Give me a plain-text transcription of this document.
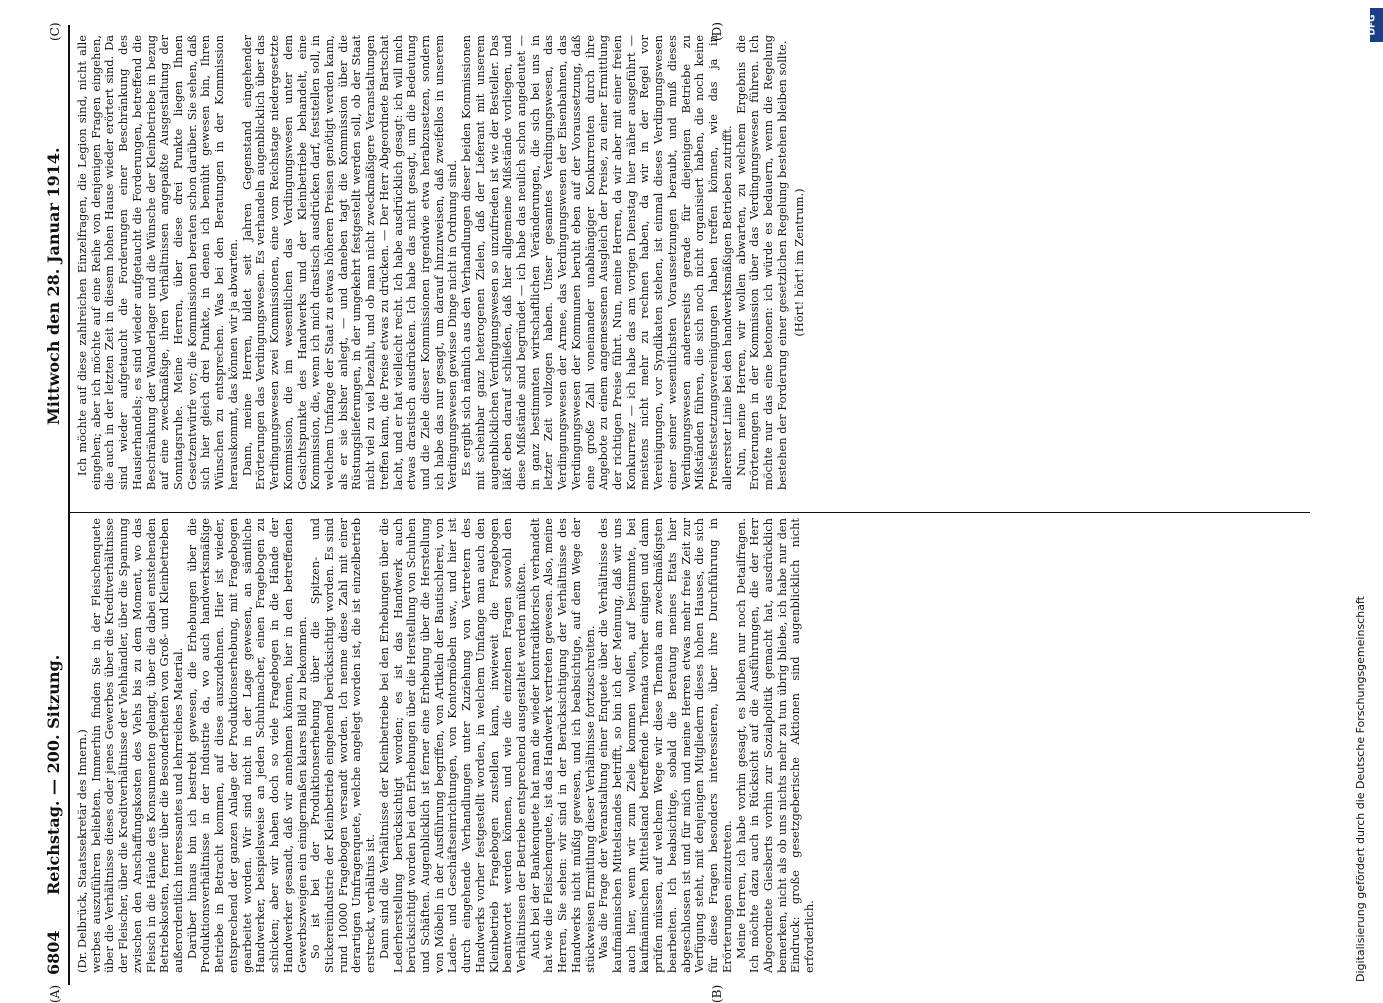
6804
Reichstag. — 200. Sitzung.
Mittwoch den 28. Januar 1914.
(A)	(B)
(C)	(D)

(Dr. Delbrück, Staatssekretär des Innern.) werbes auszuführen beliebten. Immerhin finden Sie in der Fleischenquete über die Verhältnisse dieses oder jenes Gewerbes über die Kreditverhältnisse der Fleischer, über die Kreditverhältnisse der Viehhändler, über die Spannung zwischen den Anschaffungskosten des Viehs bis zu dem Moment, wo das Fleisch in die Hände des Konsumenten gelangt, über die dabei entstehenden Betriebskosten, ferner über die Besonderheiten von Groß- und Kleinbetrieben außerordentlich interessantes und lehrreiches Material. Darüber hinaus bin ich bestrebt gewesen, die Erhebungen über die Produktionsverhältnisse in der Industrie da, wo auch handwerksmäßige Betriebe in Betracht kommen, auf diese auszudehnen. Hier ist wieder, entsprechend der ganzen Anlage der Produktionserhebung, mit Fragebogen gearbeitet worden. Wir sind nicht in der Lage gewesen, an sämtliche Handwerker, beispielsweise an jeden Schuhmacher, einen Fragebogen zu schicken; aber wir haben doch so viele Fragebogen in die Hände der Handwerker gesandt, daß wir annehmen können, hier in den betreffenden Gewerbszweigen ein einigermaßen klares Bild zu bekommen. So ist bei der Produktionserhebung über die Spitzen- und Stickereiindustrie der Kleinbetrieb eingehend berücksichtigt worden. Es sind rund 10000 Fragebogen versandt worden. Ich nenne diese Zahl mit einer derartigen Umfragenquete, welche angelegt worden ist, die ist einzelbetrieb erstreckt, verhältnis ist. Dann sind die Verhältnisse der Kleinbetriebe bei den Erhebungen über die Lederherstellung berücksichtigt worden; es ist das Handwerk auch berücksichtigt worden bei den Erhebungen über die Herstellung von Schuhen und Schäften. Augenblicklich ist ferner eine Erhebung über die Herstellung von Möbeln in der Ausführung begriffen, von Artikeln der Bautischlerei, von Laden- und Geschäftseinrichtungen, von Kontormöbeln usw., und hier ist durch eingehende Verhandlungen unter Zuziehung von Vertretern des Handwerks vorher festgestellt worden, in welchem Umfange man auch den Kleinbetrieb Fragebogen zustellen kann, inwieweit die Fragebogen beantwortet werden können, und wie die einzelnen Fragen sowohl den Verhältnissen der Betriebe entsprechend ausgestaltet werden müßten. Auch bei der Bankenquete hat man die wieder kontradiktorisch verhandelt hat wie die Fleischenquete, ist das Handwerk vertreten gewesen. Also, meine Herren, Sie sehen: wir sind in der Berücksichtigung der Verhältnisse des Handwerks nicht müßig gewesen, und ich beabsichtige, auf dem Wege der stückweisen Ermittlung dieser Verhältnisse fortzuschreiten. Was die Frage der Veranstaltung einer Enquete über die Verhältnisse des kaufmännischen Mittelstandes betrifft, so bin ich der Meinung, daß wir uns auch hier, wenn wir zum Ziele kommen wollen, auf bestimmte, bei kaufmännischen Mittelstand betreffende Themata vorher einigen und dann prüfen müssen, auf welchem Wege wir diese Themata am zweckmäßigsten bearbeiten. Ich beabsichtige, sobald die Beratung meines Etats hier abgeschlossen ist und für mich und meine Herren etwas mehr freie Zeit zur Verfügung steht, mit denjenigen Mitgliedern dieses hohen Hauses, die sich für diese Fragen besonders interessieren, über ihre Durchführung in Erörterungen einzutreten. Meine Herren, ich habe vorhin gesagt, es bleiben nur noch Detailfragen. Ich möchte dazu auch in Rücksicht auf die Ausführungen, die der Herr Abgeordnete Giesberts vorhin zur Sozialpolitik gemacht hat, ausdrücklich bemerken, nicht als ob uns nichts mehr zu tun übrig bliebe, ich habe nur den Eindruck: große gesetzgeberische Aktionen sind augenblicklich nicht erforderlich.

Ich möchte auf diese zahlreichen Einzelfragen, die Legion sind, nicht alle eingehen; aber ich möchte auf eine Reihe von denjenigen Fragen eingehen, die auch in der letzten Zeit in diesem hohen Hause wieder erörtert sind. Da sind wieder aufgetaucht die Forderungen einer Beschränkung des Hausierhandels; es sind wieder aufgetaucht die Forderungen, betreffend die Beschränkung der Wanderlager und die Wünsche der Kleinbetriebe in bezug auf eine zweckmäßige, ihren Verhältnissen angepaßte Ausgestaltung der Sonntagsruhe. Meine Herren, über diese drei Punkte liegen Ihnen Gesetzentwürfe vor; die Kommissionen beraten schon darüber. Sie sehen, daß sich hier gleich drei Punkte, in denen ich bemüht gewesen bin, Ihren Wünschen zu entsprechen. Was bei den Beratungen in der Kommission herauskommt, das können wir ja abwarten. Dann, meine Herren, bildet seit Jahren Gegenstand eingehender Erörterungen das Verdingungswesen. Es verhandeln augenblicklich über das Verdingungswesen zwei Kommissionen, eine vom Reichstage niedergesetzte Kommission, die im wesentlichen das Verdingungswesen unter dem Gesichtspunkte des Handwerks und der Kleinbetriebe behandelt, eine Kommission, die, wenn ich mich drastisch ausdrücken darf, feststellen soll, in welchem Umfange der Staat zu etwas höheren Preisen genötigt werden kann, als er sie bisher anlegt, — und daneben tagt die Kommission über die Rüstungslieferungen, in der umgekehrt festgestellt werden soll, ob der Staat nicht viel zu viel bezahlt, und ob man nicht zweckmäßigere Veranstaltungen treffen kann, die Preise etwas zu drücken. — Der Herr Abgeordnete Bartschat lacht, und er hat vielleicht recht. Ich habe ausdrücklich gesagt: ich will mich etwas drastisch ausdrücken. Ich habe das nicht gesagt, um die Bedeutung und die Ziele dieser Kommissionen irgendwie etwa herabzusetzen, sondern ich habe das nur gesagt, um darauf hinzuweisen, daß zweifellos in unserem Verdingungswesen gewisse Dinge nicht in Ordnung sind. Es ergibt sich nämlich aus den Verhandlungen dieser beiden Kommissionen mit scheinbar ganz heterogenen Zielen, daß der Lieferant mit unserem augenblicklichen Verdingungswesen so unzufrieden ist wie der Besteller. Das läßt eben darauf schließen, daß hier allgemeine Mißstände vorliegen, und diese Mißstände sind begründet — ich habe das neulich schon angedeutet — in ganz bestimmten wirtschaftlichen Veränderungen, die sich bei uns in letzter Zeit vollzogen haben. Unser gesamtes Verdingungswesen, das Verdingungswesen der Armee, das Verdingungswesen der Eisenbahnen, das Verdingungswesen der Kommunen beruht eben auf der Voraussetzung, daß eine große Zahl voneinander unabhängiger Konkurrenten durch ihre Angebote zu einem angemessenen Ausgleich der Preise, zu einer Ermittlung der richtigen Preise führt. Nun, meine Herren, da wir aber mit einer freien Konkurrenz — ich habe das am vorigen Dienstag hier näher ausgeführt — meistens nicht mehr zu rechnen haben, da wir in der Regel vor Vereinigungen, vor Syndikaten stehen, ist einmal dieses Verdingungswesen einer seiner wesentlichsten Voraussetzungen beraubt, und muß dieses Verdingungswesen andererseits gerade für diejenigen Betriebe zu Mißständen führen, die sich noch nicht organisiert haben, die noch keine Preisfestsetzungsvereinigungen haben treffen können, wie das ja in allererster Linie bei den handwerksmäßigen Betrieben zutrifft. Nun, meine Herren, wir wollen abwarten, zu welchem Ergebnis die Erörterungen in der Kommission über das Verdingungswesen führen. Ich möchte nur das eine betonen: ich würde es bedauern, wenn die Regelung bestehen der Forderung einer gesetzlichen Regelung bestehen bleiben sollte. (Hört! hört! im Zentrum.)

Digitalisierung gefördert durch die Deutsche Forschungsgemeinschaft
DFG
